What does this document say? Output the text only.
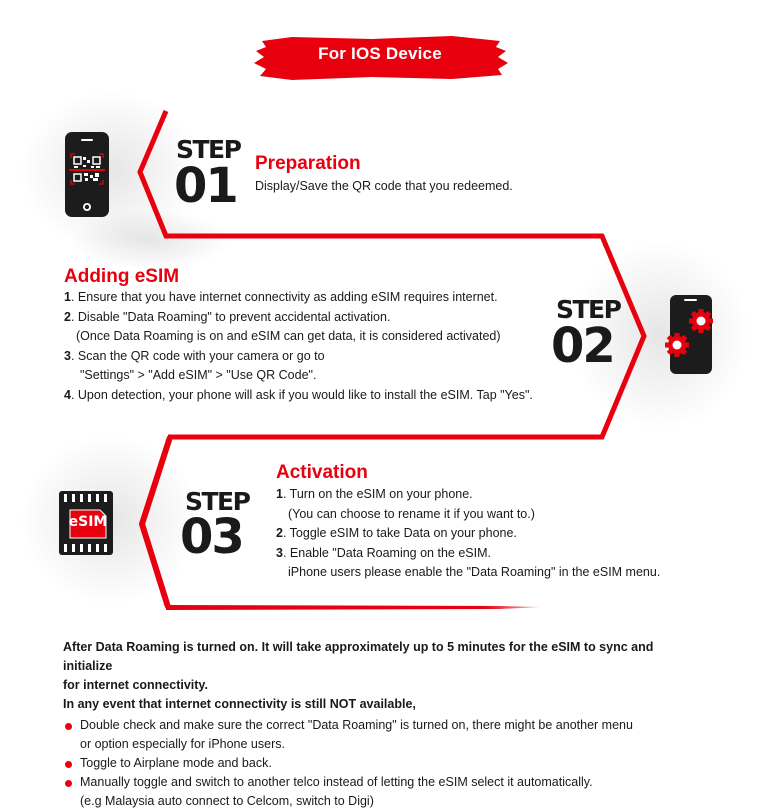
For IOS Device
STEP
01 Preparation
Display/Save the QR code that you redeemed.
Adding eSIM
1. Ensure that you have internet connectivity as adding eSIM requires internet.
2. Disable "Data Roaming" to prevent accidental activation.
(Once Data Roaming is on and eSIM can get data, it is considered activated)
3. Scan the QR code with your camera or go to
"Settings" > "Add eSIM" > "Use QR Code".
4. Upon detection, your phone will ask if you would like to install the eSIM. Tap "Yes".
STEP
02
eSIM
STEP
03
Activation
1. Turn on the eSIM on your phone.
(You can choose to rename it if you want to.)
2. Toggle eSIM to take Data on your phone.
3. Enable "Data Roaming on the eSIM.
iPhone users please enable the "Data Roaming" in the eSIM menu.
After Data Roaming is turned on. It will take approximately up to 5 minutes for the eSIM to sync and initialize
for internet connectivity.
In any event that internet connectivity is still NOT available,
Double check and make sure the correct "Data Roaming" is turned on, there might be another menu
or option especially for iPhone users.
Toggle to Airplane mode and back.
Manually toggle and switch to another telco instead of letting the eSIM select it automatically.
(e.g Malaysia auto connect to Celcom, switch to Digi)
